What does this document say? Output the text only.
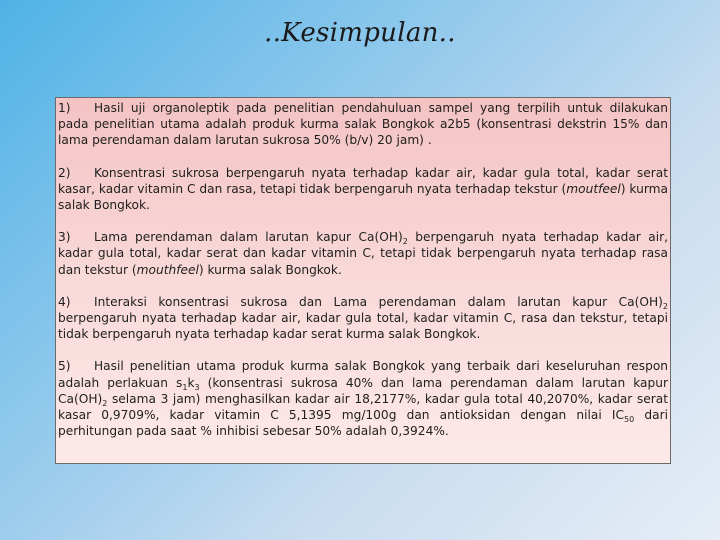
..Kesimpulan..
1) Hasil uji organoleptik pada penelitian pendahuluan sampel yang terpilih untuk dilakukan pada penelitian utama adalah produk kurma salak Bongkok a2b5 (konsentrasi dekstrin 15% dan lama perendaman dalam larutan sukrosa 50% (b/v) 20 jam) .
2) Konsentrasi sukrosa berpengaruh nyata terhadap kadar air, kadar gula total, kadar serat kasar, kadar vitamin C dan rasa, tetapi tidak berpengaruh nyata terhadap tekstur (moutfeel) kurma salak Bongkok.
3) Lama perendaman dalam larutan kapur $Ca(OH)_2$ berpengaruh nyata terhadap kadar air, kadar gula total, kadar serat dan kadar vitamin C, tetapi tidak berpengaruh nyata terhadap rasa dan tekstur (mouthfeel) kurma salak Bongkok.
4) Interaksi konsentrasi sukrosa dan Lama perendaman dalam larutan kapur $Ca(OH)_2$ berpengaruh nyata terhadap kadar air, kadar gula total, kadar vitamin C, rasa dan tekstur, tetapi tidak berpengaruh nyata terhadap kadar serat kurma salak Bongkok.
5) Hasil penelitian utama produk kurma salak Bongkok yang terbaik dari keseluruhan respon adalah perlakuan $s_1k_3$ (konsentrasi sukrosa 40% dan lama perendaman dalam larutan kapur $Ca(OH)_2$ selama 3 jam) menghasilkan kadar air 18,2177%, kadar gula total 40,2070%, kadar serat kasar 0,9709%, kadar vitamin C 5,1395 mg/100g dan antioksidan dengan nilai $IC_{50}$ dari perhitungan pada saat % inhibisi sebesar 50% adalah 0,3924%.
